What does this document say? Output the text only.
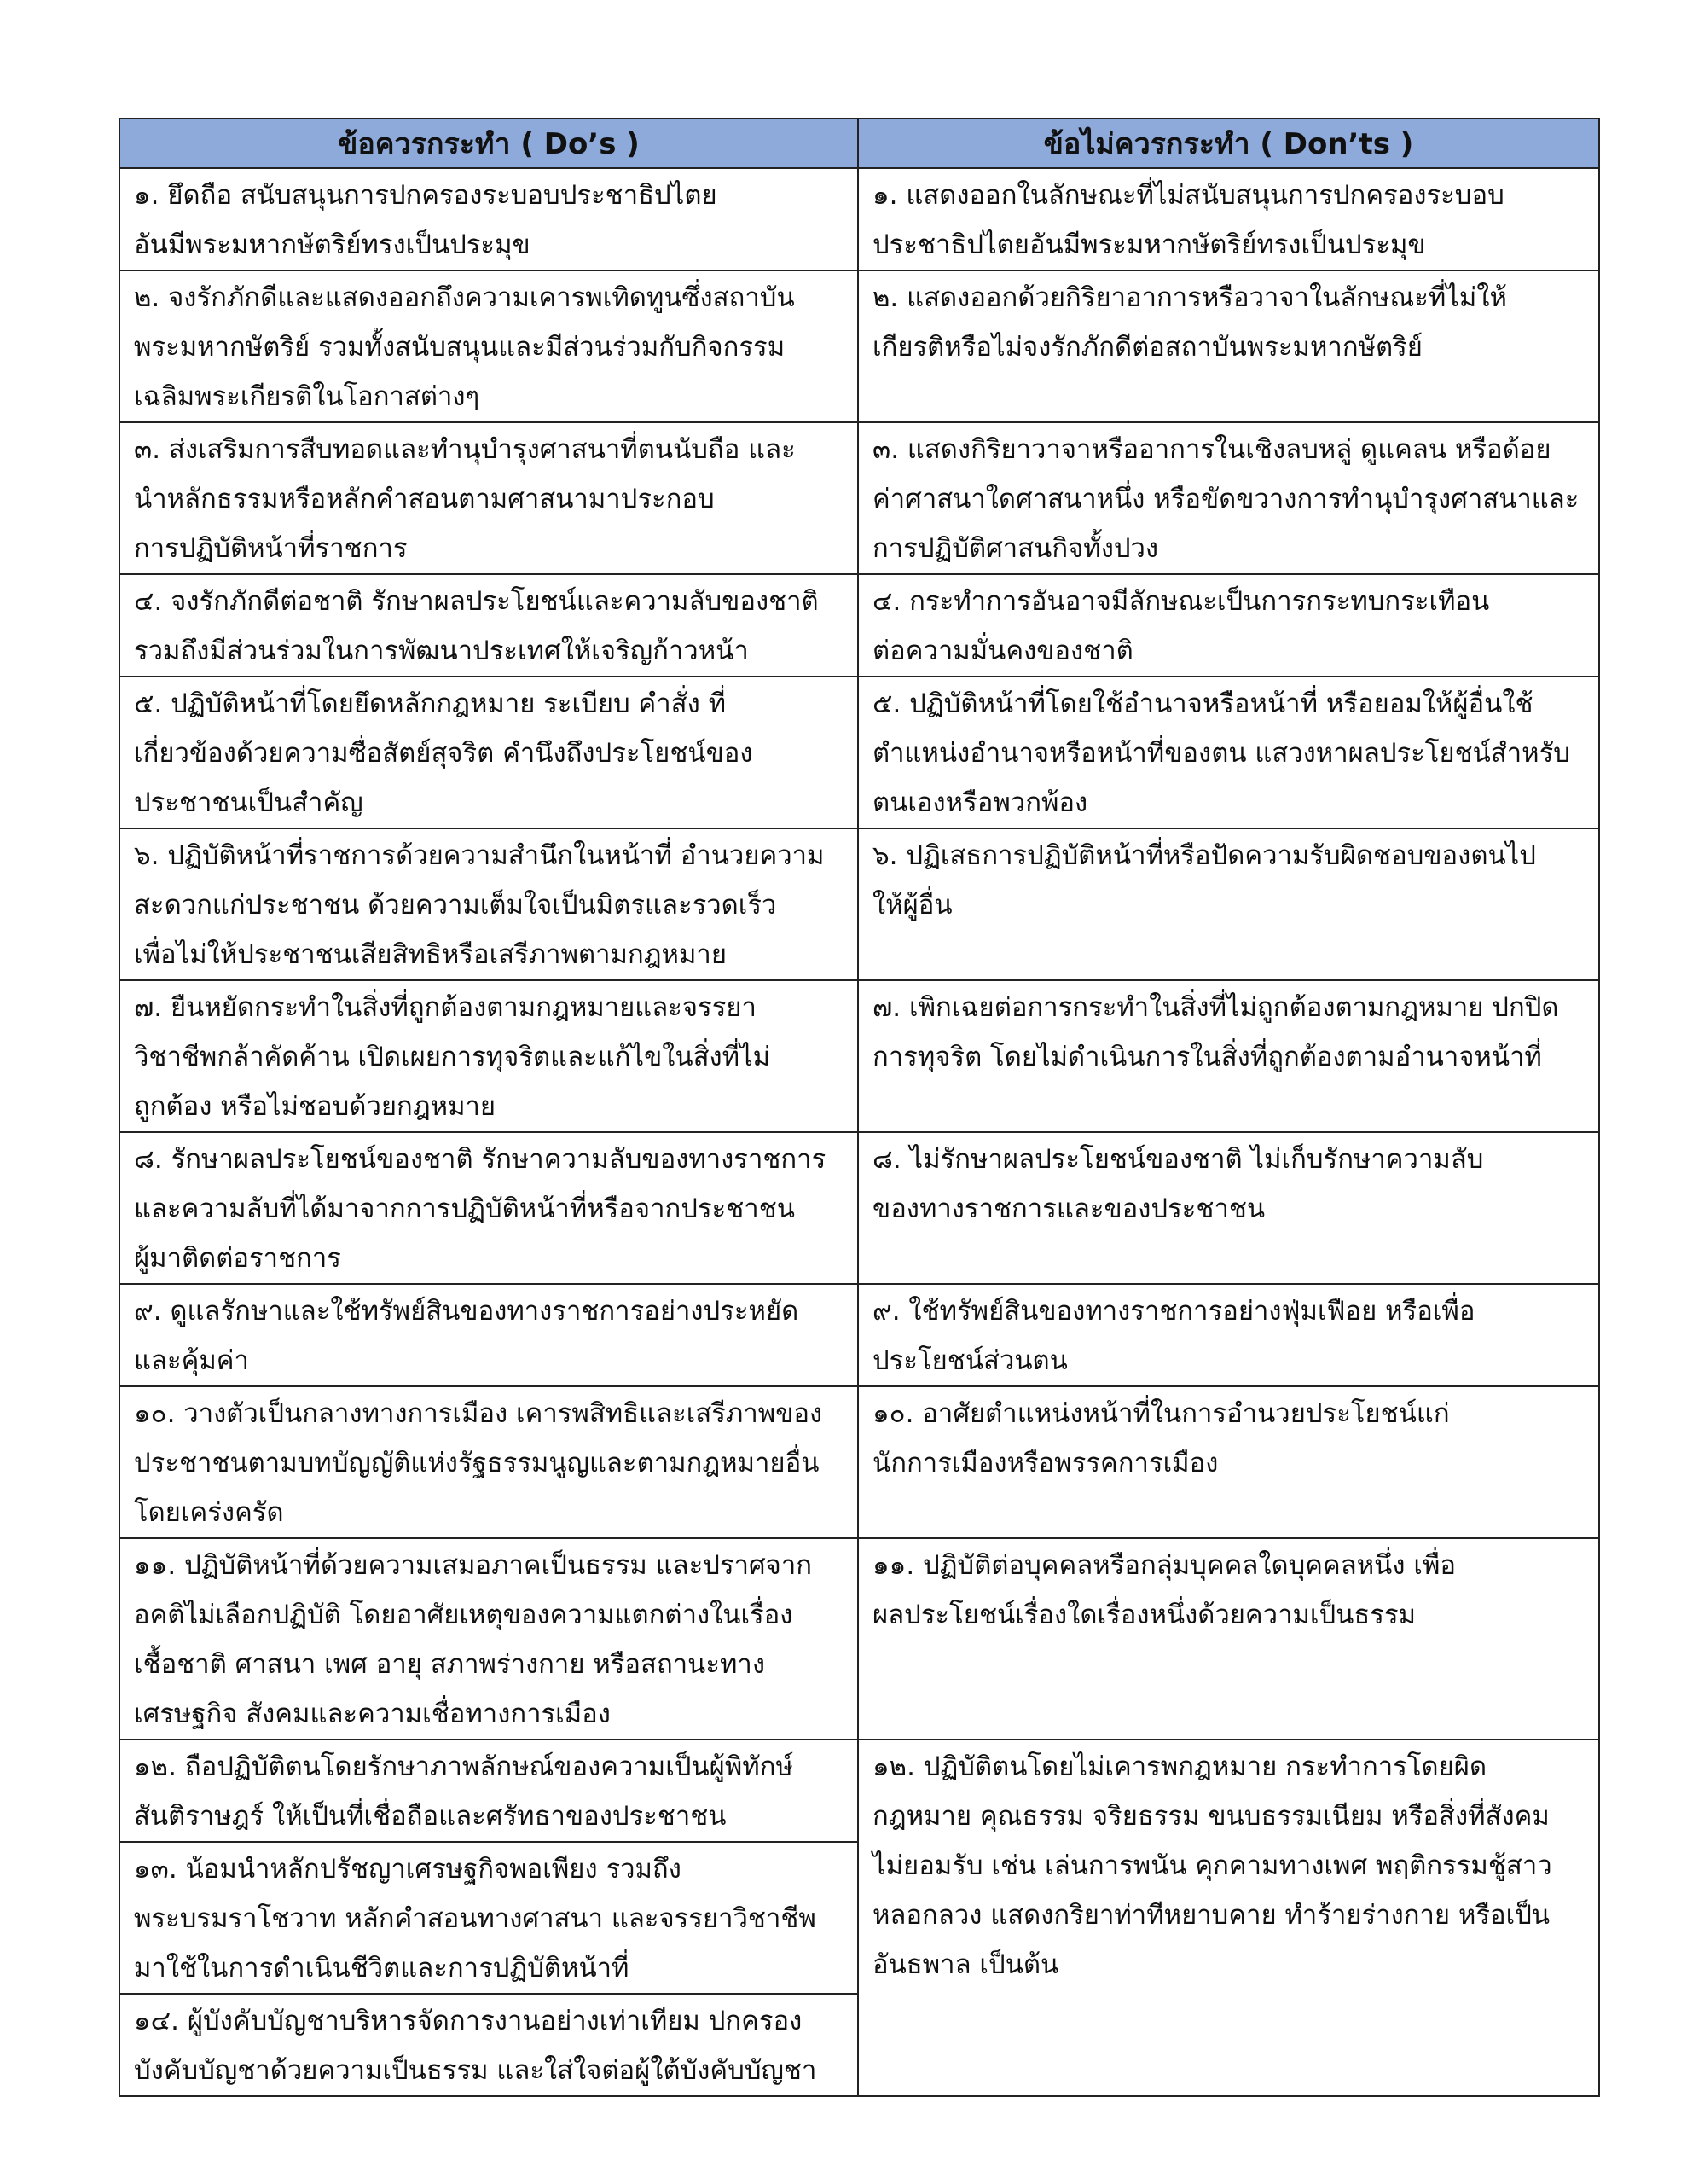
ข้อควรกระทำ ( Do’s )	ข้อไม่ควรกระทำ ( Don’ts )
๑. ยึดถือ สนับสนุนการปกครองระบอบประชาธิปไตย
อันมีพระมหากษัตริย์ทรงเป็นประมุข	๑. แสดงออกในลักษณะที่ไม่สนับสนุนการปกครองระบอบ
ประชาธิปไตยอันมีพระมหากษัตริย์ทรงเป็นประมุข
๒. จงรักภักดีและแสดงออกถึงความเคารพเทิดทูนซึ่งสถาบัน
พระมหากษัตริย์ รวมทั้งสนับสนุนและมีส่วนร่วมกับกิจกรรม
เฉลิมพระเกียรติในโอกาสต่างๆ	๒. แสดงออกด้วยกิริยาอาการหรือวาจาในลักษณะที่ไม่ให้
เกียรติหรือไม่จงรักภักดีต่อสถาบันพระมหากษัตริย์
๓. ส่งเสริมการสืบทอดและทำนุบำรุงศาสนาที่ตนนับถือ และ
นำหลักธรรมหรือหลักคำสอนตามศาสนามาประกอบ
การปฏิบัติหน้าที่ราชการ	๓. แสดงกิริยาวาจาหรืออาการในเชิงลบหลู่ ดูแคลน หรือด้อย
ค่าศาสนาใดศาสนาหนึ่ง หรือขัดขวางการทำนุบำรุงศาสนาและ
การปฏิบัติศาสนกิจทั้งปวง
๔. จงรักภักดีต่อชาติ รักษาผลประโยชน์และความลับของชาติ
รวมถึงมีส่วนร่วมในการพัฒนาประเทศให้เจริญก้าวหน้า	๔. กระทำการอันอาจมีลักษณะเป็นการกระทบกระเทือน
ต่อความมั่นคงของชาติ
๕. ปฏิบัติหน้าที่โดยยึดหลักกฎหมาย ระเบียบ คำสั่ง ที่
เกี่ยวข้องด้วยความซื่อสัตย์สุจริต คำนึงถึงประโยชน์ของ
ประชาชนเป็นสำคัญ	๕. ปฏิบัติหน้าที่โดยใช้อำนาจหรือหน้าที่ หรือยอมให้ผู้อื่นใช้
ตำแหน่งอำนาจหรือหน้าที่ของตน แสวงหาผลประโยชน์สำหรับ
ตนเองหรือพวกพ้อง
๖. ปฏิบัติหน้าที่ราชการด้วยความสำนึกในหน้าที่ อำนวยความ
สะดวกแก่ประชาชน ด้วยความเต็มใจเป็นมิตรและรวดเร็ว
เพื่อไม่ให้ประชาชนเสียสิทธิหรือเสรีภาพตามกฎหมาย	๖. ปฏิเสธการปฏิบัติหน้าที่หรือปัดความรับผิดชอบของตนไป
ให้ผู้อื่น
๗. ยืนหยัดกระทำในสิ่งที่ถูกต้องตามกฎหมายและจรรยา
วิชาชีพกล้าคัดค้าน เปิดเผยการทุจริตและแก้ไขในสิ่งที่ไม่
ถูกต้อง หรือไม่ชอบด้วยกฎหมาย	๗. เพิกเฉยต่อการกระทำในสิ่งที่ไม่ถูกต้องตามกฎหมาย ปกปิด
การทุจริต โดยไม่ดำเนินการในสิ่งที่ถูกต้องตามอำนาจหน้าที่
๘. รักษาผลประโยชน์ของชาติ รักษาความลับของทางราชการ
และความลับที่ได้มาจากการปฏิบัติหน้าที่หรือจากประชาชน
ผู้มาติดต่อราชการ	๘. ไม่รักษาผลประโยชน์ของชาติ ไม่เก็บรักษาความลับ
ของทางราชการและของประชาชน
๙. ดูแลรักษาและใช้ทรัพย์สินของทางราชการอย่างประหยัด
และคุ้มค่า	๙. ใช้ทรัพย์สินของทางราชการอย่างฟุ่มเฟือย หรือเพื่อ
ประโยชน์ส่วนตน
๑๐. วางตัวเป็นกลางทางการเมือง เคารพสิทธิและเสรีภาพของ
ประชาชนตามบทบัญญัติแห่งรัฐธรรมนูญและตามกฎหมายอื่น
โดยเคร่งครัด	๑๐. อาศัยตำแหน่งหน้าที่ในการอำนวยประโยชน์แก่
นักการเมืองหรือพรรคการเมือง
๑๑. ปฏิบัติหน้าที่ด้วยความเสมอภาคเป็นธรรม และปราศจาก
อคติไม่เลือกปฏิบัติ โดยอาศัยเหตุของความแตกต่างในเรื่อง
เชื้อชาติ ศาสนา เพศ อายุ สภาพร่างกาย หรือสถานะทาง
เศรษฐกิจ สังคมและความเชื่อทางการเมือง	๑๑. ปฏิบัติต่อบุคคลหรือกลุ่มบุคคลใดบุคคลหนึ่ง เพื่อ
ผลประโยชน์เรื่องใดเรื่องหนึ่งด้วยความเป็นธรรม
๑๒. ถือปฏิบัติตนโดยรักษาภาพลักษณ์ของความเป็นผู้พิทักษ์
สันติราษฎร์ ให้เป็นที่เชื่อถือและศรัทธาของประชาชน	๑๒. ปฏิบัติตนโดยไม่เคารพกฎหมาย กระทำการโดยผิด
กฎหมาย คุณธรรม จริยธรรม ขนบธรรมเนียม หรือสิ่งที่สังคม
ไม่ยอมรับ เช่น เล่นการพนัน คุกคามทางเพศ พฤติกรรมชู้สาว
หลอกลวง แสดงกริยาท่าทีหยาบคาย ทำร้ายร่างกาย หรือเป็น
อันธพาล เป็นต้น
๑๓. น้อมนำหลักปรัชญาเศรษฐกิจพอเพียง รวมถึง
พระบรมราโชวาท หลักคำสอนทางศาสนา และจรรยาวิชาชีพ
มาใช้ในการดำเนินชีวิตและการปฏิบัติหน้าที่	
๑๔. ผู้บังคับบัญชาบริหารจัดการงานอย่างเท่าเทียม ปกครอง
บังคับบัญชาด้วยความเป็นธรรม และใส่ใจต่อผู้ใต้บังคับบัญชา	
